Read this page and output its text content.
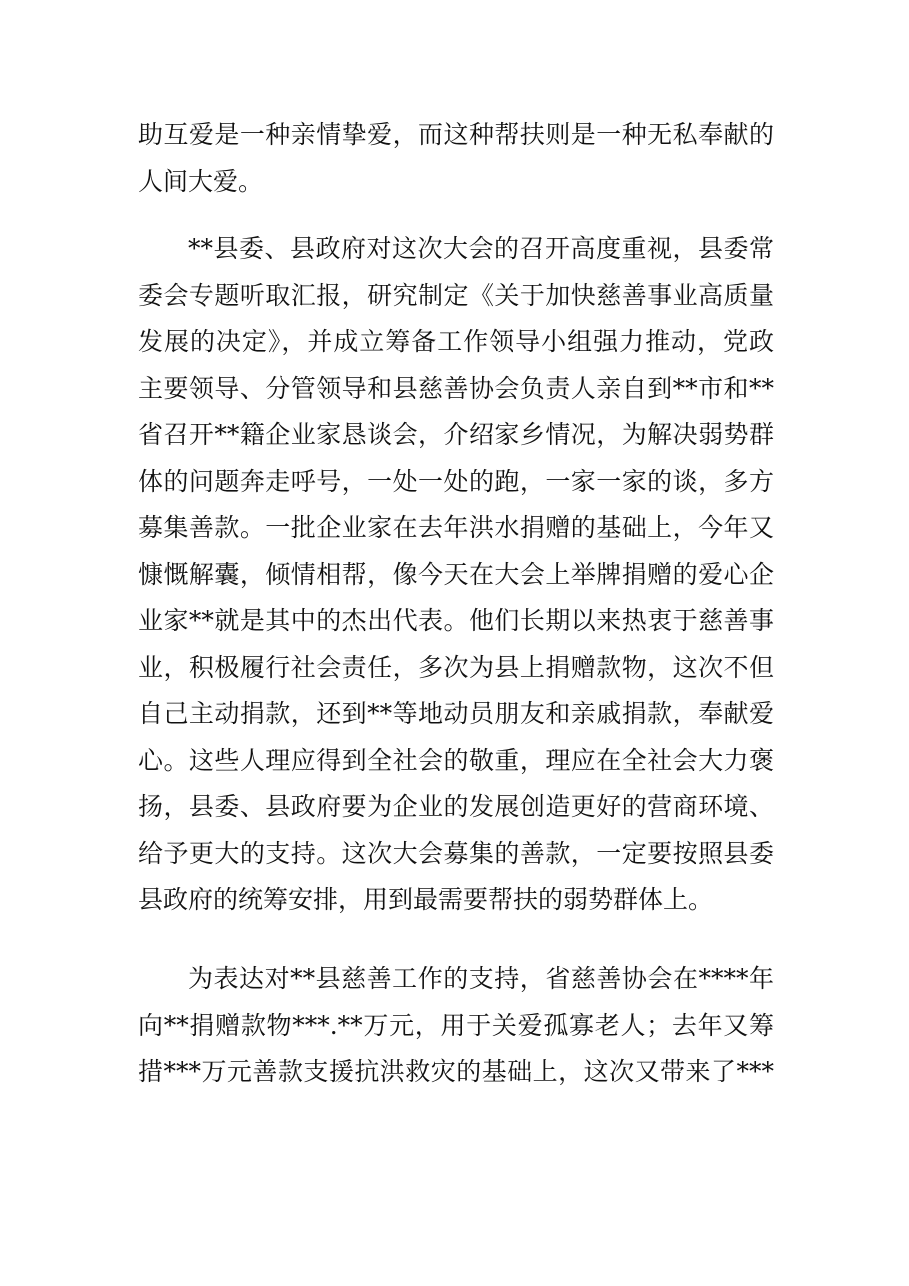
助互爱是一种亲情挚爱，而这种帮扶则是一种无私奉献的
人间大爱。
**县委、县政府对这次大会的召开高度重视，县委常
委会专题听取汇报，研究制定《关于加快慈善事业高质量
发展的决定》，并成立筹备工作领导小组强力推动，党政
主要领导、分管领导和县慈善协会负责人亲自到**市和**
省召开**籍企业家恳谈会，介绍家乡情况，为解决弱势群
体的问题奔走呼号，一处一处的跑，一家一家的谈，多方
募集善款。一批企业家在去年洪水捐赠的基础上，今年又
慷慨解囊，倾情相帮，像今天在大会上举牌捐赠的爱心企
业家**就是其中的杰出代表。他们长期以来热衷于慈善事
业，积极履行社会责任，多次为县上捐赠款物，这次不但
自己主动捐款，还到**等地动员朋友和亲戚捐款，奉献爱
心。这些人理应得到全社会的敬重，理应在全社会大力褒
扬，县委、县政府要为企业的发展创造更好的营商环境、
给予更大的支持。这次大会募集的善款，一定要按照县委
县政府的统筹安排，用到最需要帮扶的弱势群体上。
为表达对**县慈善工作的支持，省慈善协会在****年
向**捐赠款物***.**万元，用于关爱孤寡老人；去年又筹
措***万元善款支援抗洪救灾的基础上，这次又带来了***
